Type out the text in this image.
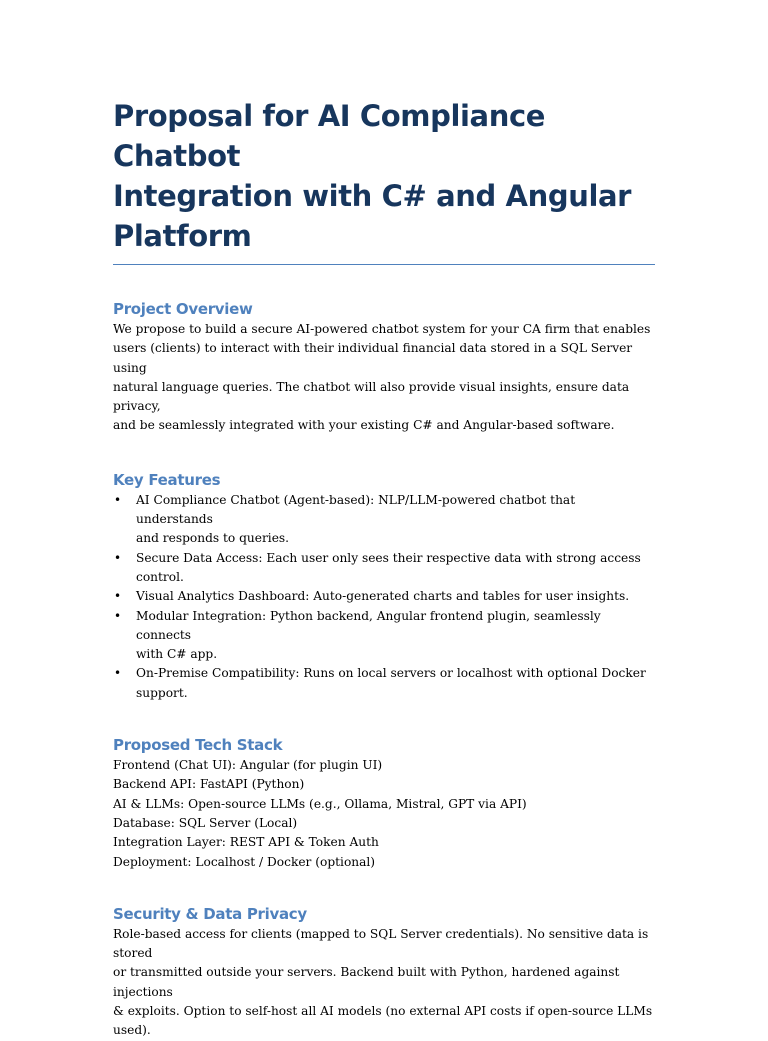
Proposal for AI Compliance Chatbot
Integration with C# and Angular
Platform
Project Overview
We propose to build a secure AI-powered chatbot system for your CA firm that enables
users (clients) to interact with their individual financial data stored in a SQL Server using
natural language queries. The chatbot will also provide visual insights, ensure data privacy,
and be seamlessly integrated with your existing C# and Angular-based software.
Key Features
• AI Compliance Chatbot (Agent-based): NLP/LLM-powered chatbot that understands
and responds to queries.
• Secure Data Access: Each user only sees their respective data with strong access control.
• Visual Analytics Dashboard: Auto-generated charts and tables for user insights.
• Modular Integration: Python backend, Angular frontend plugin, seamlessly connects
with C# app.
• On-Premise Compatibility: Runs on local servers or localhost with optional Docker
support.
Proposed Tech Stack
Frontend (Chat UI): Angular (for plugin UI)
Backend API: FastAPI (Python)
AI & LLMs: Open-source LLMs (e.g., Ollama, Mistral, GPT via API)
Database: SQL Server (Local)
Integration Layer: REST API & Token Auth
Deployment: Localhost / Docker (optional)
Security & Data Privacy
Role-based access for clients (mapped to SQL Server credentials). No sensitive data is stored
or transmitted outside your servers. Backend built with Python, hardened against injections
& exploits. Option to self-host all AI models (no external API costs if open-source LLMs
used).
